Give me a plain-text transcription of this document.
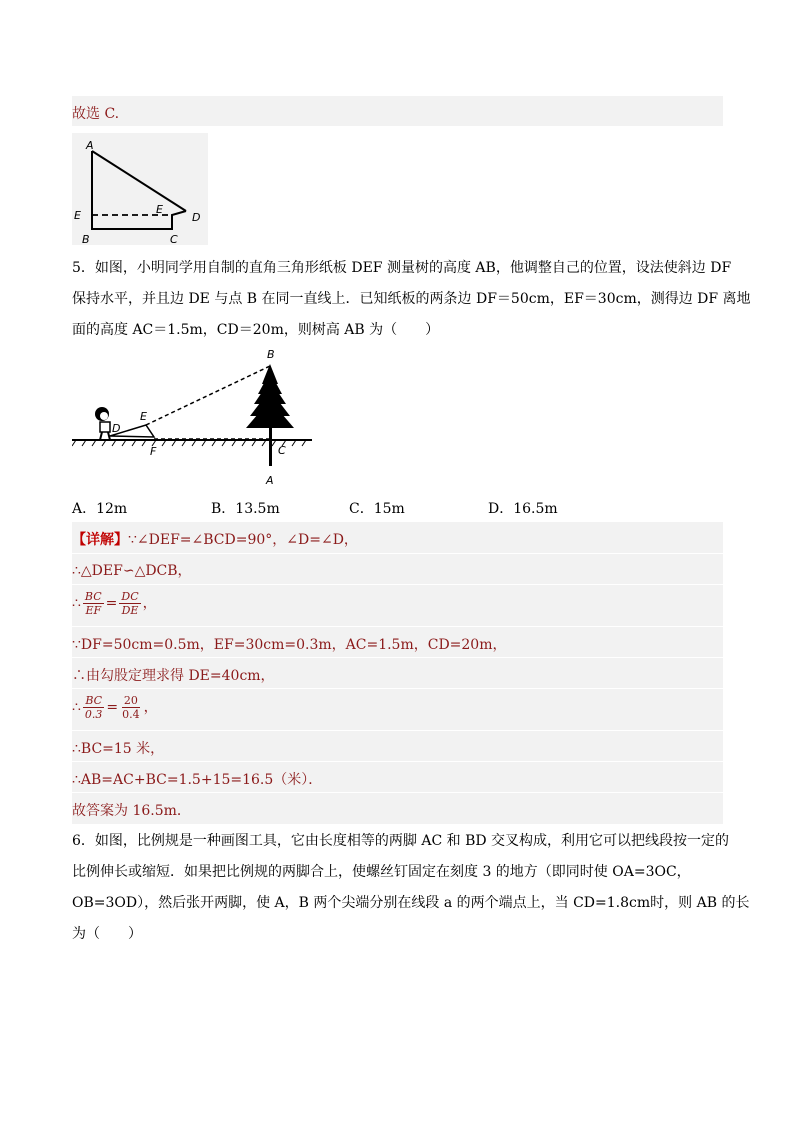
故选 C.
A
E	E
D
B	C
5．如图，小明同学用自制的直角三角形纸板 DEF 测量树的高度 AB，他调整自己的位置，设法使斜边 DF
保持水平，并且边 DE 与点 B 在同一直线上．已知纸板的两条边 DF＝50cm，EF＝30cm，测得边 DF 离地
面的高度 AC＝1.5m，CD＝20m，则树高 AB 为（　　）
B
E
D
F	C
A
A．12m	B．13.5m	C．15m	D．16.5m
【详解】∵∠DEF=∠BCD=90°，∠D=∠D，
∴△DEF∽△DCB，
∴ $\frac{BC}{EF} = \frac{DC}{DE}$ ，
∵DF=50cm=0.5m，EF=30cm=0.3m，AC=1.5m，CD=20m，
∴由勾股定理求得 DE=40cm，
∴ $\frac{BC}{0.3} = \frac{20}{0.4}$ ，
∴BC=15 米，
∴AB=AC+BC=1.5+15=16.5（米）．
故答案为 16.5m．
6．如图，比例规是一种画图工具，它由长度相等的两脚 AC 和 BD 交叉构成，利用它可以把线段按一定的
比例伸长或缩短．如果把比例规的两脚合上，使螺丝钉固定在刻度 3 的地方（即同时使 OA=3OC，
OB=3OD），然后张开两脚，使 A，B 两个尖端分别在线段 a 的两个端点上，当 CD=1.8cm时，则 AB 的长
为（　　）
